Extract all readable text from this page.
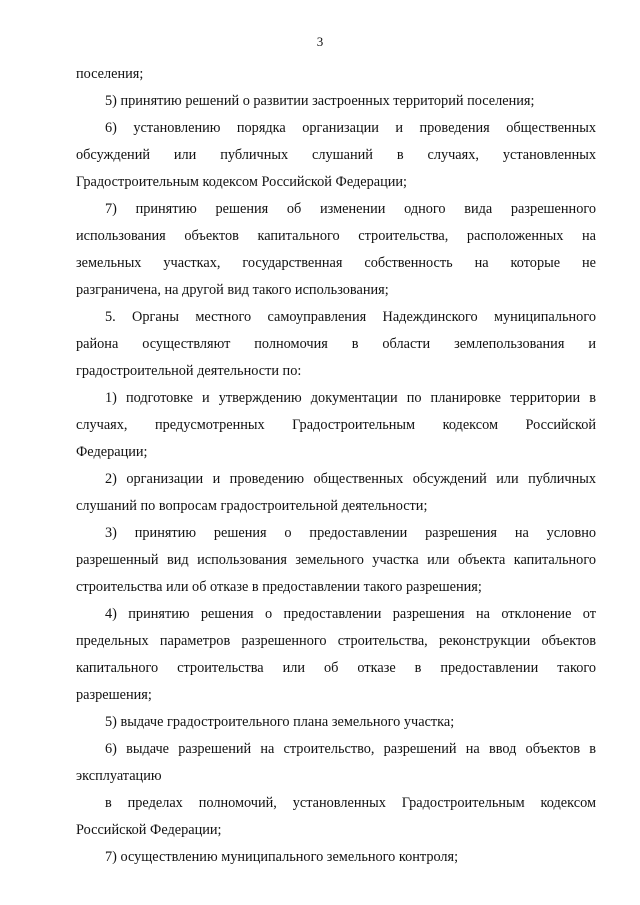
3

поселения;

5) принятию решений о развитии застроенных территорий поселения;

6) установлению порядка организации и проведения общественных

обсуждений или публичных слушаний в случаях, установленных

Градостроительным кодексом Российской Федерации;

7) принятию решения об изменении одного вида разрешенного

использования объектов капитального строительства, расположенных на

земельных участках, государственная собственность на которые не

разграничена, на другой вид такого использования;

5. Органы местного самоуправления Надеждинского муниципального

района осуществляют полномочия в области землепользования и

градостроительной деятельности по:

1) подготовке и утверждению документации по планировке территории в

случаях, предусмотренных Градостроительным кодексом Российской

Федерации;

2) организации и проведению общественных обсуждений или публичных

слушаний по вопросам градостроительной деятельности;

3) принятию решения о предоставлении разрешения на условно

разрешенный вид использования земельного участка или объекта капитального

строительства или об отказе в предоставлении такого разрешения;

4) принятию решения о предоставлении разрешения на отклонение от

предельных параметров разрешенного строительства, реконструкции объектов

капитального строительства или об отказе в предоставлении такого

разрешения;

5) выдаче градостроительного плана земельного участка;

6) выдаче разрешений на строительство, разрешений на ввод объектов в

эксплуатацию

в пределах полномочий, установленных Градостроительным кодексом

Российской Федерации;

7) осуществлению муниципального земельного контроля;
